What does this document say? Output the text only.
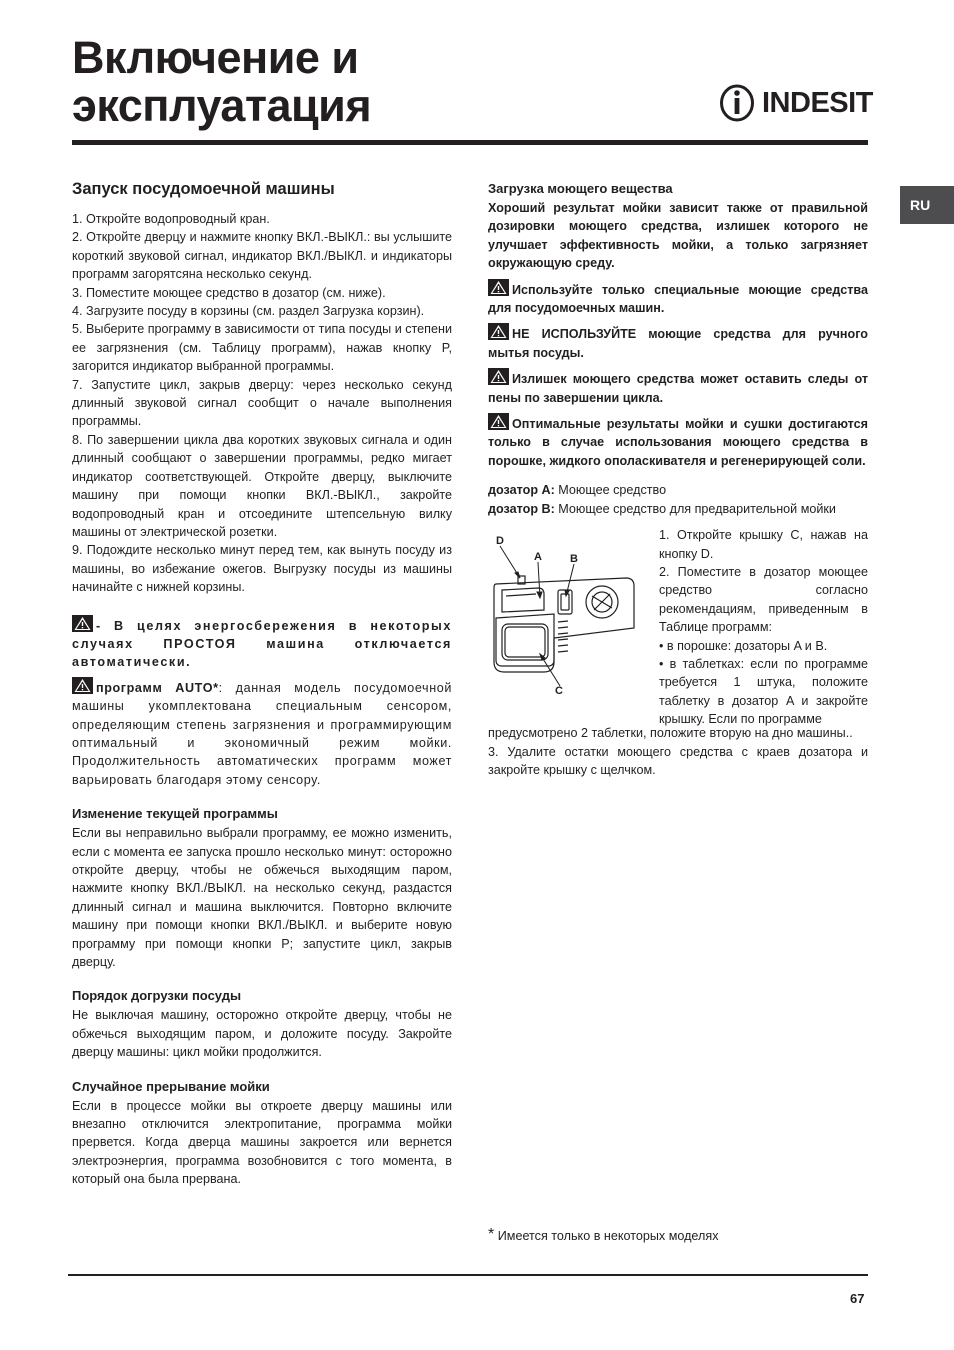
Включение и
эксплуатация	INDESIT
RU
Запуск посудомоечной машины

1. Откройте водопроводный кран.

2. Откройте дверцу и нажмите кнопку ВКЛ.-ВЫКЛ.: вы услышите короткий звуковой сигнал, индикатор ВКЛ./ВЫКЛ. и индикаторы программ загорятсяна несколько секунд.

3. Поместите моющее средство в дозатор (см. ниже).

4. Загрузите посуду в корзины (см. раздел Загрузка корзин).

5. Выберите программу в зависимости от типа посуды и степени ее загрязнения (см. Таблицу программ), нажав кнопку P, загорится индикатор выбранной программы.

7. Запустите цикл, закрыв дверцу: через несколько секунд длинный звуковой сигнал сообщит о начале выполнения программы.

8. По завершении цикла два коротких звуковых сигнала и один длинный сообщают о завершении программы, редко мигает индикатор соответствующей. Откройте дверцу, выключите машину при помощи кнопки ВКЛ.-ВЫКЛ., закройте водопроводный кран и отсоедините штепсельную вилку машины от электрической розетки.

9. Подождите несколько минут перед тем, как вынуть посуду из машины, во избежание ожегов. Выгрузку посуды из машины начинайте с нижней корзины.

- В целях энергосбережения в некоторых случаях ПРОСТОЯ машина отключается автоматически.

программ AUTO*: данная модель посудомоечной машины укомплектована специальным сенсором, определяющим степень загрязнения и программирующим оптимальный и экономичный режим мойки. Продолжительность автоматических программ может варьировать благодаря этому сенсору.

Изменение текущей программы

Если вы неправильно выбрали программу, ее можно изменить, если с момента ее запуска прошло несколько минут: осторожно откройте дверцу, чтобы не обжечься выходящим паром, нажмите кнопку ВКЛ./ВЫКЛ. на несколько секунд, раздастся длинный сигнал и машина выключится. Повторно включите машину при помощи кнопки ВКЛ./ВЫКЛ. и выберите новую программу при помощи кнопки P; запустите цикл, закрыв дверцу.

Порядок догрузки посуды

Не выключая машину, осторожно откройте дверцу, чтобы не обжечься выходящим паром, и доложите посуду. Закройте дверцу машины: цикл мойки продолжится.

Случайное прерывание мойки

Если в процессе мойки вы откроете дверцу машины или внезапно отключится электропитание, программа мойки прервется. Когда дверца машины закроется или вернется электроэнергия, программа возобновится с того момента, в который она была прервана.

Загрузка моющего вещества

Хороший результат мойки зависит также от правильной дозировки моющего средства, излишек которого не улучшает эффективность мойки, а только загрязняет окружающую среду.

Используйте только специальные моющие средства для посудомоечных машин.

НЕ ИСПОЛЬЗУЙТЕ моющие средства для ручного мытья посуды.

Излишек моющего средства может оставить следы от пены по завершении цикла.

Оптимальные результаты мойки и сушки достигаются только в случае использования моющего средства в порошке, жидкого ополаскивателя и регенерирующей соли.

дозатор A: Моющее средство

дозатор B: Моющее средство для предварительной мойки

D
A	B
C

1. Откройте крышку C, нажав на кнопку D.

2. Поместите в дозатор моющее средство согласно рекомендациям, приведенным в Таблице программ:

• в порошке: дозаторы A и B.

• в таблетках: если по программе требуется 1 штука, положите таблетку в дозатор A и закройте крышку. Если по программе

предусмотрено 2 таблетки, положите вторую на дно машины..

3. Удалите остатки моющего средства с краев дозатора и закройте крышку с щелчком.

* Имеется только в некоторых моделях
67
